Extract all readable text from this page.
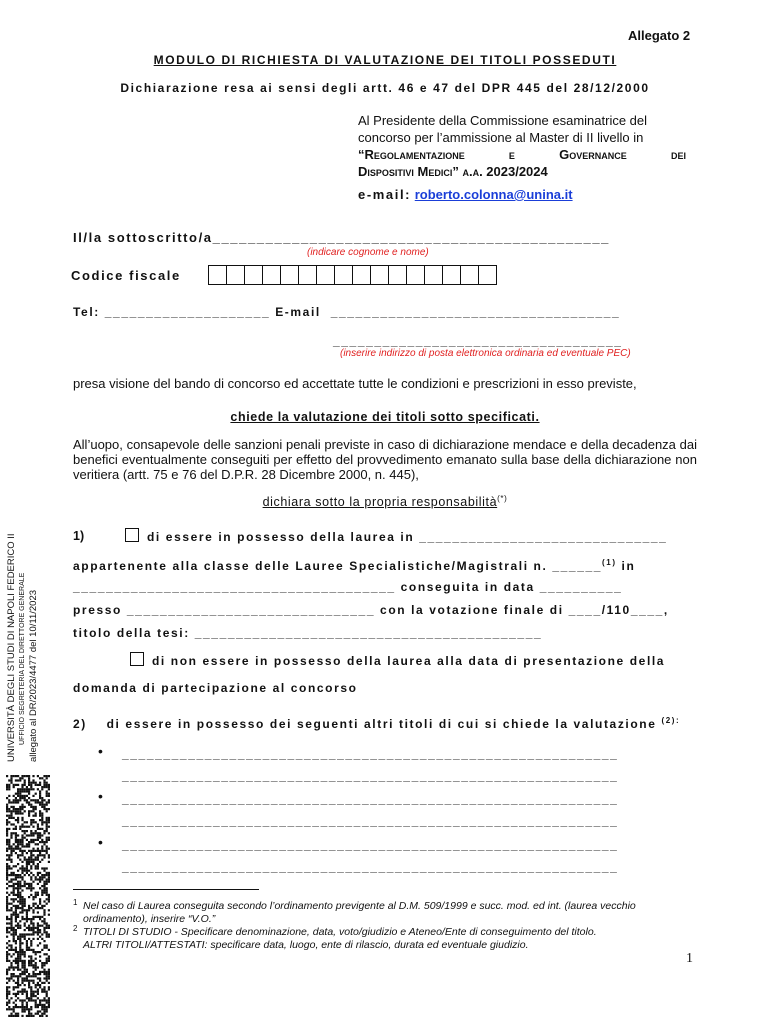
Allegato 2
MODULO DI RICHIESTA DI VALUTAZIONE DEI TITOLI POSSEDUTI
Dichiarazione resa ai sensi degli artt. 46 e 47 del DPR 445 del 28/12/2000
Al Presidente della Commissione esaminatrice del
concorso per l’ammissione al Master di II livello in
“Regolamentazione e Governance dei
Dispositivi Medici” a.a. 2023/2024
e-mail: roberto.colonna@unina.it
Il/la sottoscritto/a_____________________________________________
(indicare cognome e nome)
Codice fiscale
Tel: ____________________ E-mail ___________________________________
___________________________________
(inserire indirizzo di posta elettronica ordinaria ed eventuale PEC)
presa visione del bando di concorso ed accettate tutte le condizioni e prescrizioni in esso previste,
chiede la valutazione dei titoli sotto specificati.
All’uopo, consapevole delle sanzioni penali previste in caso di dichiarazione mendace e della decadenza dai benefici eventualmente conseguiti per effetto del provvedimento emanato sulla base della dichiarazione non veritiera (artt. 75 e 76 del D.P.R. 28 Dicembre 2000, n. 445),
dichiara sotto la propria responsabilità(*)
1)	di essere in possesso della laurea in ______________________________
appartenente alla classe delle Lauree Specialistiche/Magistrali n. ______$^{(1)}$ in
_______________________________________ conseguita in data __________
presso ______________________________ con la votazione finale di ____/110____,
titolo della tesi: __________________________________________
di non essere in possesso della laurea alla data di presentazione della
domanda di partecipazione al concorso
2) di essere in possesso dei seguenti altri titoli di cui si chiede la valutazione $^{(2):}$
• ____________________________________________________________
____________________________________________________________
• ____________________________________________________________
____________________________________________________________
• ____________________________________________________________
____________________________________________________________
1 Nel caso di Laurea conseguita secondo l’ordinamento previgente al D.M. 509/1999 e succ. mod. ed int. (laurea vecchio ordinamento), inserire “V.O.”
2 TITOLI DI STUDIO - Specificare denominazione, data, voto/giudizio e Ateneo/Ente di conseguimento del titolo.
ALTRI TITOLI/ATTESTATI: specificare data, luogo, ente di rilascio, durata ed eventuale giudizio.
1
UNIVERSITÀ DEGLI STUDI DI NAPOLI FEDERICO II UFFICIO SEGRETERIA DEL DIRETTORE GENERALE allegato al DR/2023/4477 del 10/11/2023
